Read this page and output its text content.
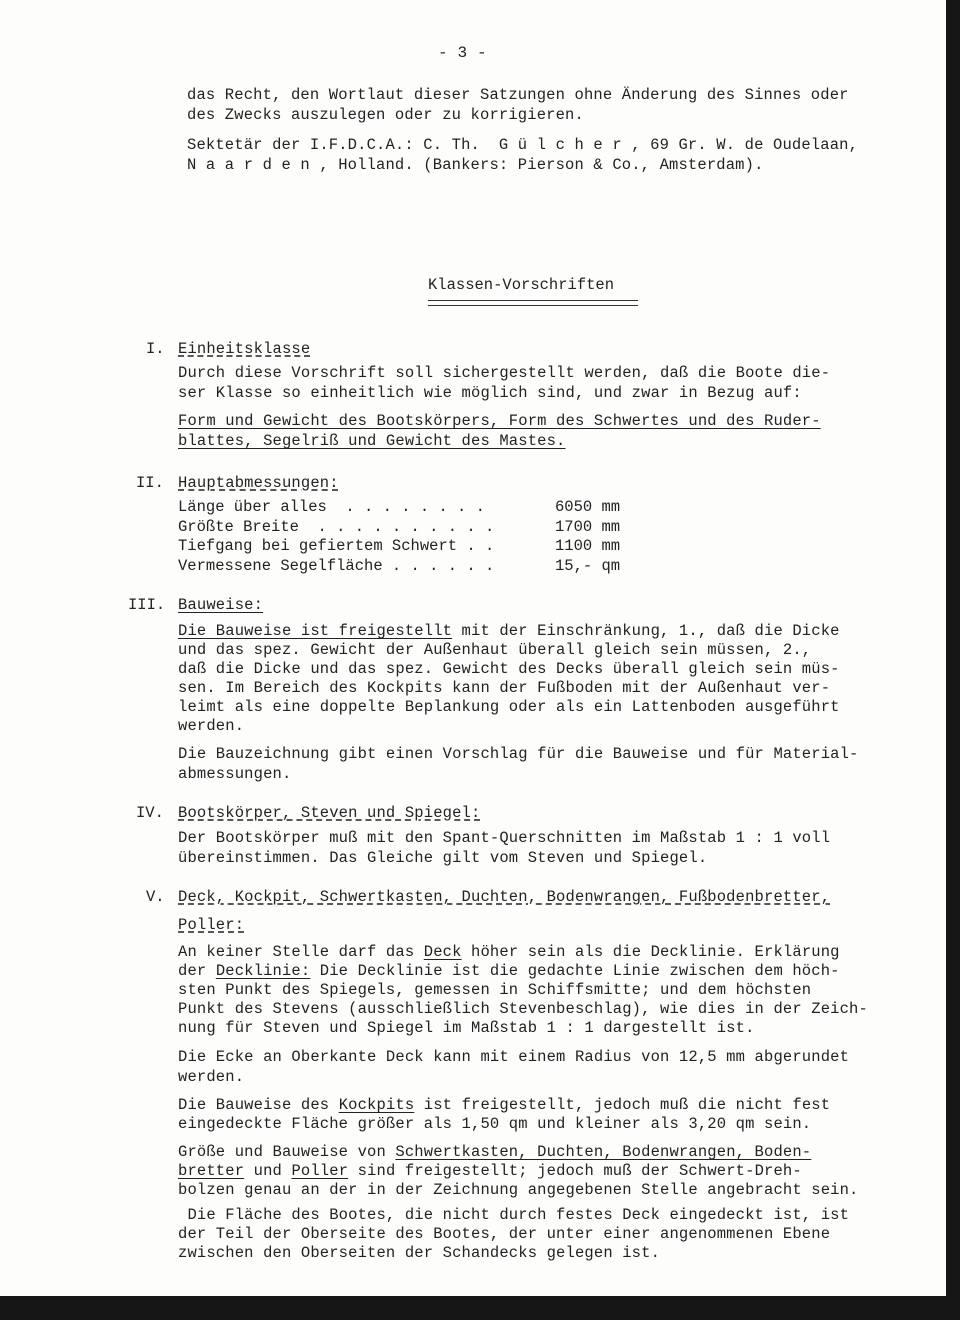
- 3 -
das Recht, den Wortlaut dieser Satzungen ohne Änderung des Sinnes oder
des Zwecks auszulegen oder zu korrigieren.
Sektetär der I.F.D.C.A.: C. Th.  G ü l c h e r , 69 Gr. W. de Oudelaan,
N a a r d e n , Holland. (Bankers: Pierson & Co., Amsterdam).
Klassen-Vorschriften
I. Einheitsklasse
Durch diese Vorschrift soll sichergestellt werden, daß die Boote die-
ser Klasse so einheitlich wie möglich sind, und zwar in Bezug auf:
Form und Gewicht des Bootskörpers, Form des Schwertes und des Ruder-
blattes, Segelriß und Gewicht des Mastes.
II. Hauptabmessungen:
Länge über alles  . . . . . . . .	6050 mm
Größte Breite  . . . . . . . . . .	1700 mm
Tiefgang bei gefiertem Schwert . .	1100 mm
Vermessene Segelfläche . . . . . .	15,- qm
III. Bauweise:
Die Bauweise ist freigestellt mit der Einschränkung, 1., daß die Dicke
und das spez. Gewicht der Außenhaut überall gleich sein müssen, 2.,
daß die Dicke und das spez. Gewicht des Decks überall gleich sein müs-
sen. Im Bereich des Kockpits kann der Fußboden mit der Außenhaut ver-
leimt als eine doppelte Beplankung oder als ein Lattenboden ausgeführt
werden.
Die Bauzeichnung gibt einen Vorschlag für die Bauweise und für Material-
abmessungen.
IV. Bootskörper, Steven und Spiegel:
Der Bootskörper muß mit den Spant-Querschnitten im Maßstab 1 : 1 voll
übereinstimmen. Das Gleiche gilt vom Steven und Spiegel.
V. Deck, Kockpit, Schwertkasten, Duchten, Bodenwrangen, Fußbodenbretter,
Poller:
An keiner Stelle darf das Deck höher sein als die Decklinie. Erklärung
der Decklinie: Die Decklinie ist die gedachte Linie zwischen dem höch-
sten Punkt des Spiegels, gemessen in Schiffsmitte; und dem höchsten
Punkt des Stevens (ausschließlich Stevenbeschlag), wie dies in der Zeich-
nung für Steven und Spiegel im Maßstab 1 : 1 dargestellt ist.
Die Ecke an Oberkante Deck kann mit einem Radius von 12,5 mm abgerundet
werden.
Die Bauweise des Kockpits ist freigestellt, jedoch muß die nicht fest
eingedeckte Fläche größer als 1,50 qm und kleiner als 3,20 qm sein.
Größe und Bauweise von Schwertkasten, Duchten, Bodenwrangen, Boden-
bretter und Poller sind freigestellt; jedoch muß der Schwert-Dreh-
bolzen genau an der in der Zeichnung angegebenen Stelle angebracht sein.
Die Fläche des Bootes, die nicht durch festes Deck eingedeckt ist, ist
der Teil der Oberseite des Bootes, der unter einer angenommenen Ebene
zwischen den Oberseiten der Schandecks gelegen ist.
